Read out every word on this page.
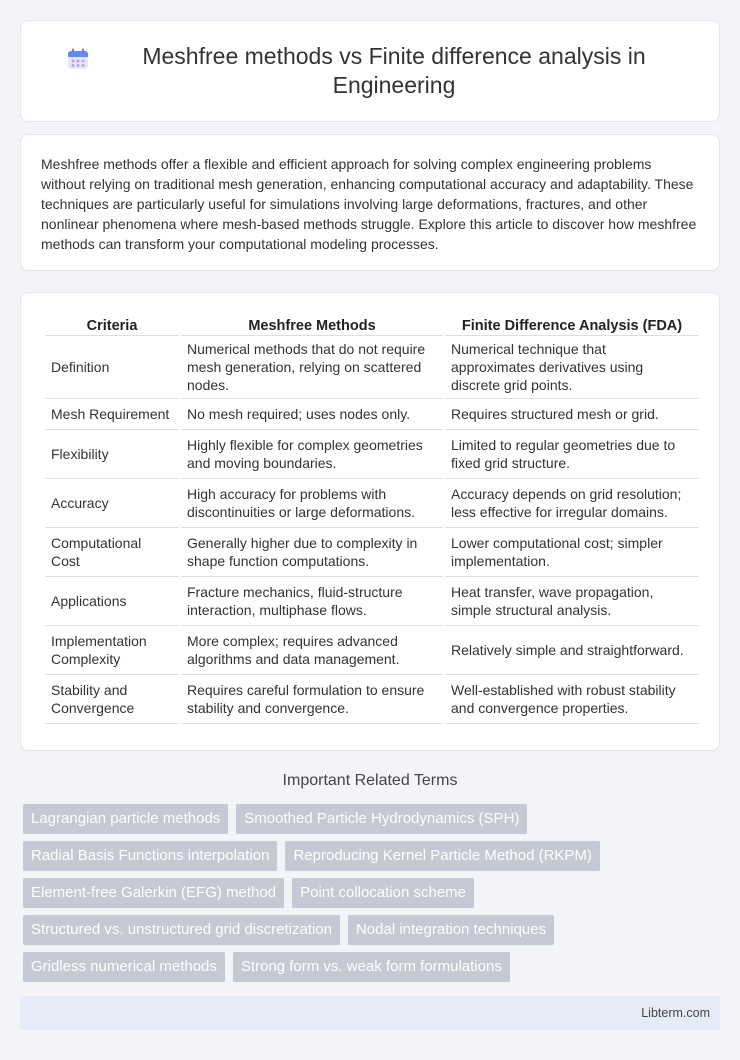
Meshfree methods vs Finite difference analysis in Engineering

Meshfree methods offer a flexible and efficient approach for solving complex engineering problems without relying on traditional mesh generation, enhancing computational accuracy and adaptability. These techniques are particularly useful for simulations involving large deformations, fractures, and other nonlinear phenomena where mesh-based methods struggle. Explore this article to discover how meshfree methods can transform your computational modeling processes.

Criteria	Meshfree Methods	Finite Difference Analysis (FDA)
Definition	Numerical methods that do not require mesh generation, relying on scattered nodes.	Numerical technique that approximates derivatives using discrete grid points.
Mesh Requirement	No mesh required; uses nodes only.	Requires structured mesh or grid.
Flexibility	Highly flexible for complex geometries and moving boundaries.	Limited to regular geometries due to fixed grid structure.
Accuracy	High accuracy for problems with discontinuities or large deformations.	Accuracy depends on grid resolution; less effective for irregular domains.
Computational Cost	Generally higher due to complexity in shape function computations.	Lower computational cost; simpler implementation.
Applications	Fracture mechanics, fluid-structure interaction, multiphase flows.	Heat transfer, wave propagation, simple structural analysis.
Implementation Complexity	More complex; requires advanced algorithms and data management.	Relatively simple and straightforward.
Stability and Convergence	Requires careful formulation to ensure stability and convergence.	Well-established with robust stability and convergence properties.
Important Related Terms
Lagrangian particle methods	Smoothed Particle Hydrodynamics (SPH)
Radial Basis Functions interpolation	Reproducing Kernel Particle Method (RKPM)
Element-free Galerkin (EFG) method	Point collocation scheme
Structured vs. unstructured grid discretization	Nodal integration techniques
Gridless numerical methods	Strong form vs. weak form formulations
Libterm.com
